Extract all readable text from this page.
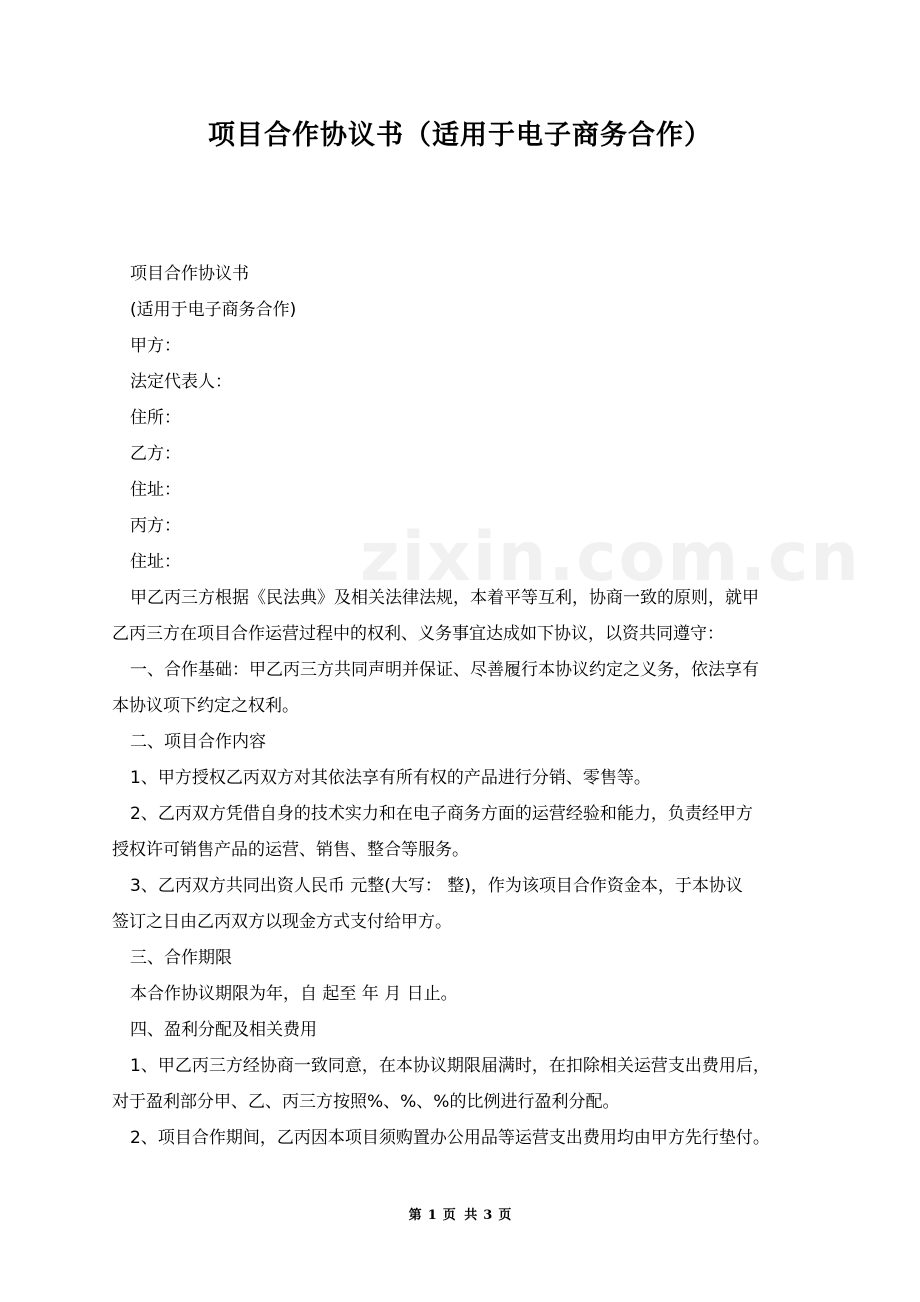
zixin.com.cn
项目合作协议书（适用于电子商务合作）
项目合作协议书
(适用于电子商务合作)
甲方：
法定代表人：
住所：
乙方：
住址：
丙方：
住址：
甲乙丙三方根据《民法典》及相关法律法规，本着平等互利，协商一致的原则，就甲
乙丙三方在项目合作运营过程中的权利、义务事宜达成如下协议，以资共同遵守：
一、合作基础：甲乙丙三方共同声明并保证、尽善履行本协议约定之义务，依法享有
本协议项下约定之权利。
二、项目合作内容
1、甲方授权乙丙双方对其依法享有所有权的产品进行分销、零售等。
2、乙丙双方凭借自身的技术实力和在电子商务方面的运营经验和能力，负责经甲方
授权许可销售产品的运营、销售、整合等服务。
3、乙丙双方共同出资人民币 元整(大写： 整)，作为该项目合作资金本，于本协议
签订之日由乙丙双方以现金方式支付给甲方。
三、合作期限
本合作协议期限为年，自 起至 年 月 日止。
四、盈利分配及相关费用
1、甲乙丙三方经协商一致同意，在本协议期限届满时，在扣除相关运营支出费用后，
对于盈利部分甲、乙、丙三方按照%、%、%的比例进行盈利分配。
2、项目合作期间，乙丙因本项目须购置办公用品等运营支出费用均由甲方先行垫付。
第 1 页 共 3 页
